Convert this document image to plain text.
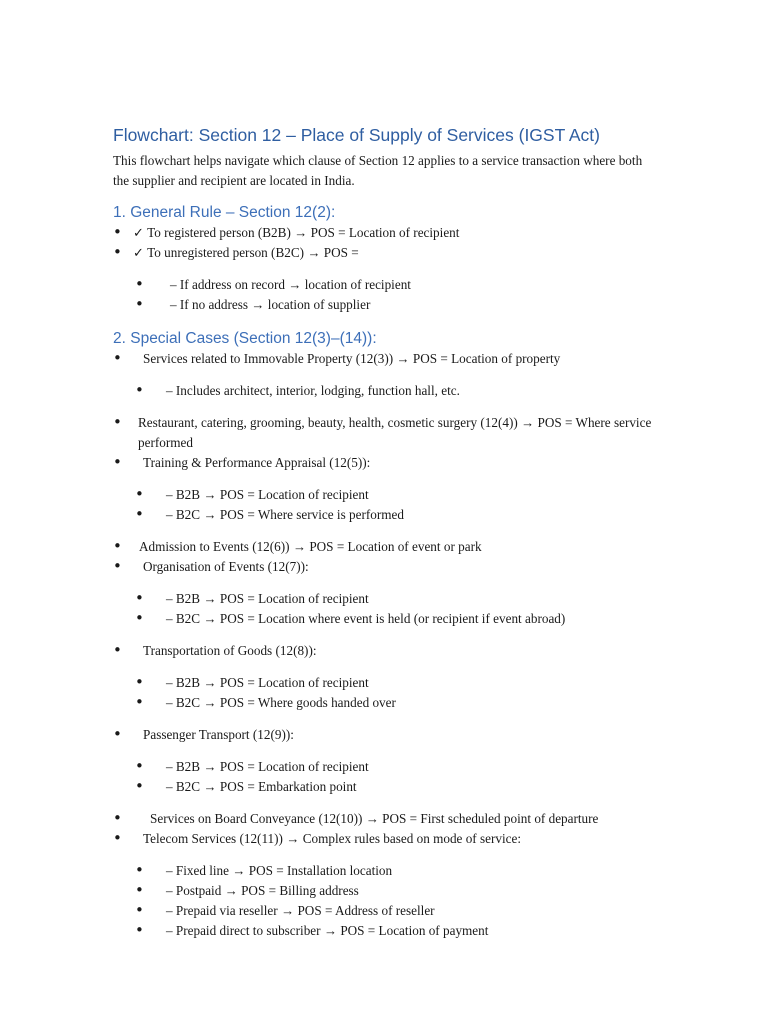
Flowchart: Section 12 – Place of Supply of Services (IGST Act)

This flowchart helps navigate which clause of Section 12 applies to a service transaction where both the supplier and recipient are located in India.

1. General Rule – Section 12(2):
• ✓ To registered person (B2B) → POS = Location of recipient
• ✓ To unregistered person (B2C) → POS =
• – If address on record → location of recipient
• – If no address → location of supplier
2. Special Cases (Section 12(3)–(14)):
• Services related to Immovable Property (12(3)) → POS = Location of property
• – Includes architect, interior, lodging, function hall, etc.
• Restaurant, catering, grooming, beauty, health, cosmetic surgery (12(4)) → POS = Where service performed
• Training & Performance Appraisal (12(5)):
• – B2B → POS = Location of recipient
• – B2C → POS = Where service is performed
• Admission to Events (12(6)) → POS = Location of event or park
• Organisation of Events (12(7)):
• – B2B → POS = Location of recipient
• – B2C → POS = Location where event is held (or recipient if event abroad)
• Transportation of Goods (12(8)):
• – B2B → POS = Location of recipient
• – B2C → POS = Where goods handed over
• Passenger Transport (12(9)):
• – B2B → POS = Location of recipient
• – B2C → POS = Embarkation point
• Services on Board Conveyance (12(10)) → POS = First scheduled point of departure
• Telecom Services (12(11)) → Complex rules based on mode of service:
• – Fixed line → POS = Installation location
• – Postpaid → POS = Billing address
• – Prepaid via reseller → POS = Address of reseller
• – Prepaid direct to subscriber → POS = Location of payment
